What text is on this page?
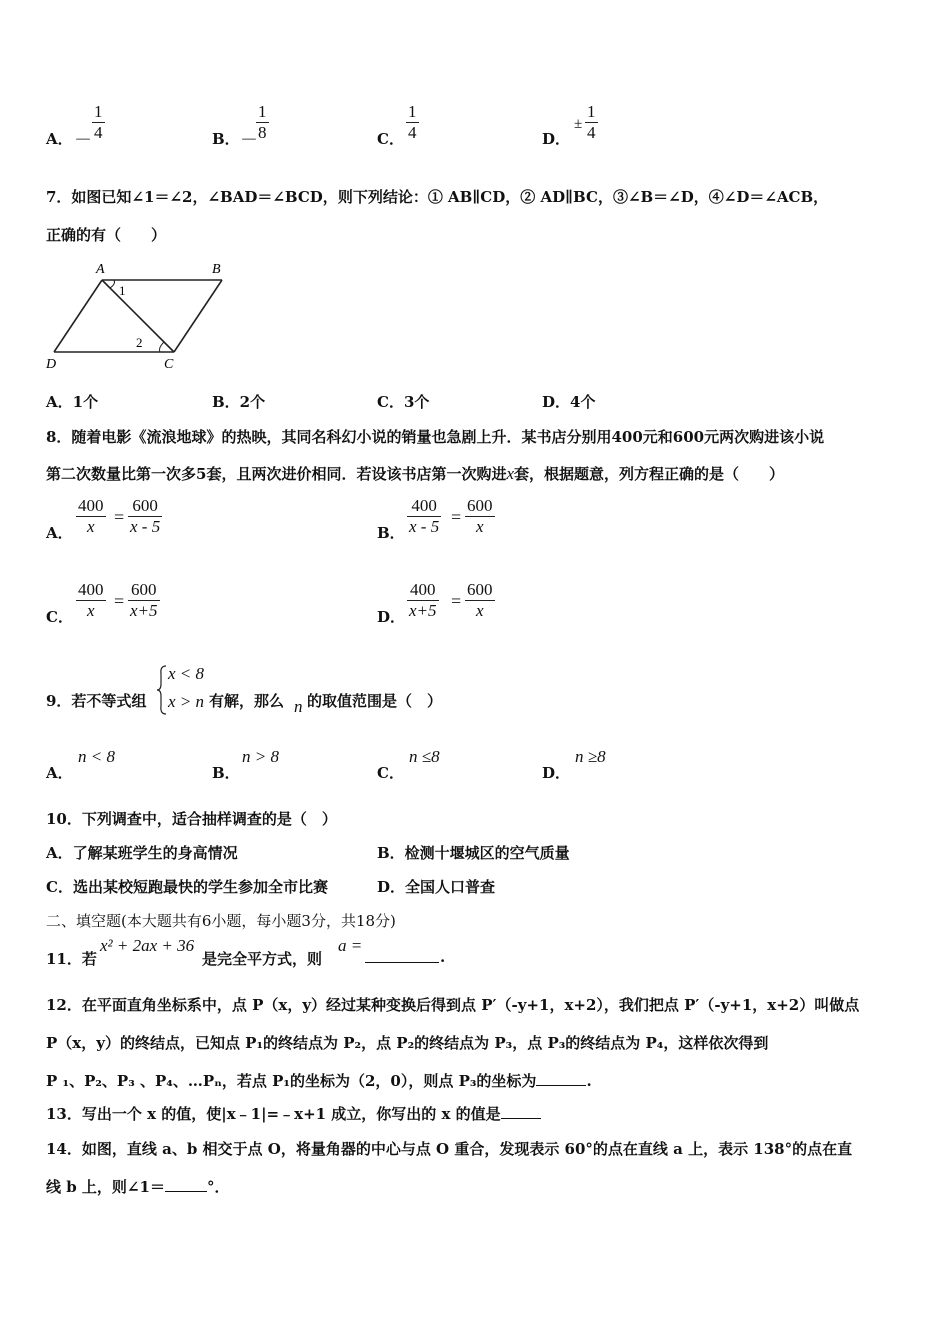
A． － $\frac{1}{4}$	B． －
$\frac{1}{8}$	C． $\frac{1}{4}$	D．
± $\frac{1}{4}$
7．如图已知∠1＝∠2，∠BAD＝∠BCD，则下列结论：① AB∥CD，② AD∥BC，③∠B＝∠D，④∠D＝∠ACB，
正确的有（　　）
A	B
D	C
1
2
A．1个	B．2个	C．3个	D．4个
8．随着电影《流浪地球》的热映，其同名科幻小说的销量也急剧上升．某书店分别用400元和600元两次购进该小说
第二次数量比第一次多5套，且两次进价相同．若设该书店第一次购进x套，根据题意，列方程正确的是（　　）
A． $\frac{400}{x} = \frac{600}{x - 5}$	B． $\frac{400}{x - 5} = \frac{600}{x}$
C． $\frac{400}{x} = \frac{600}{x+5}$	D． $\frac{400}{x+5} = \frac{600}{x}$
9．若不等式组
x < 8
x > n 有解，那么 n 的取值范围是（　）
A．
n < 8
B．
n > 8
C．
n ≤8
D．
n ≥8
10．下列调查中，适合抽样调查的是（　）
A．了解某班学生的身高情况	B．检测十堰城区的空气质量
C．选出某校短跑最快的学生参加全市比赛	D．全国人口普查
二、填空题(本大题共有6小题，每小题3分，共18分)
11．若
x² + 2ax + 36
是完全平方式，则
a =
.
12．在平面直角坐标系中，点 P（x，y）经过某种变换后得到点 P′（-y+1，x+2），我们把点 P′（-y+1，x+2）叫做点
P（x，y）的终结点，已知点 P₁的终结点为 P₂，点 P₂的终结点为 P₃，点 P₃的终结点为 P₄，这样依次得到
P ₁、P₂、P₃ 、P₄、…Pₙ，若点 P₁的坐标为（2，0），则点 P₃的坐标为	.
13．写出一个 x 的值，使|x﹣1|=﹣x+1 成立，你写出的 x 的值是
14．如图，直线 a、b 相交于点 O，将量角器的中心与点 O 重合，发现表示 60°的点在直线 a 上，表示 138°的点在直
线 b 上，则∠1＝	°．
